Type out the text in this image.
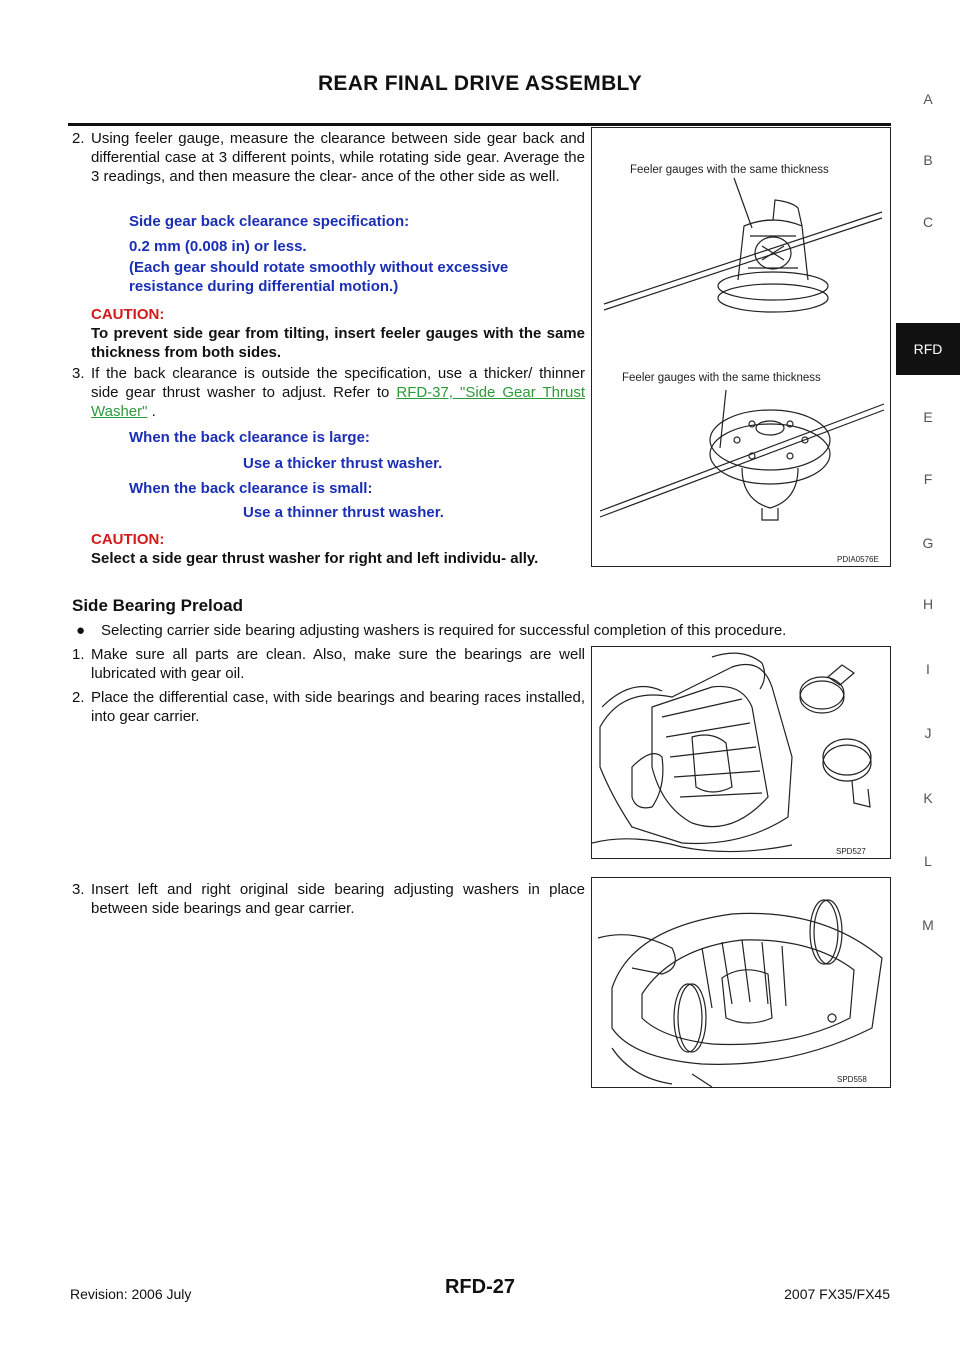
REAR FINAL DRIVE ASSEMBLY
A
B
C
RFD
E
F
G
H
I
J
K
L
M
2. Using feeler gauge, measure the clearance between side gear back and differential case at 3 different points, while rotating side gear. Average the 3 readings, and then measure the clear- ance of the other side as well.
Side gear back clearance specification:
0.2 mm (0.008 in) or less.
(Each gear should rotate smoothly without excessive
resistance during differential motion.)
CAUTION:
To prevent side gear from tilting, insert feeler gauges with the same thickness from both sides.
3. If the back clearance is outside the specification, use a thicker/ thinner side gear thrust washer to adjust. Refer to RFD-37, "Side Gear Thrust Washer" .
When the back clearance is large:
Use a thicker thrust washer.
When the back clearance is small:
Use a thinner thrust washer.
CAUTION:
Select a side gear thrust washer for right and left individu- ally.
Side Bearing Preload
● Selecting carrier side bearing adjusting washers is required for successful completion of this procedure.
1. Make sure all parts are clean. Also, make sure the bearings are well lubricated with gear oil.
2. Place the differential case, with side bearings and bearing races installed, into gear carrier.
3. Insert left and right original side bearing adjusting washers in place between side bearings and gear carrier.
Feeler gauges with the same thickness
Feeler gauges with the same thickness
PDIA0576E
SPD527
SPD558
Revision: 2006 July	RFD-27	2007 FX35/FX45
